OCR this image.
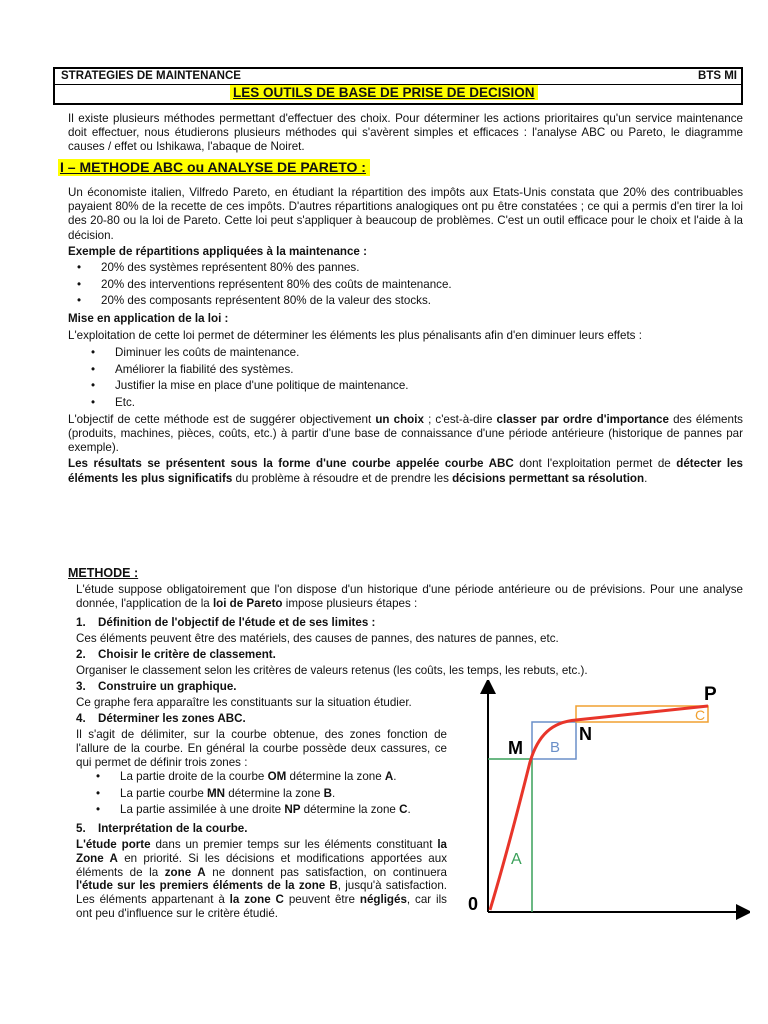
STRATEGIES DE MAINTENANCE	BTS MI
LES OUTILS DE BASE DE PRISE DE DECISION

Il existe plusieurs méthodes permettant d'effectuer des choix. Pour déterminer les actions prioritaires qu'un service maintenance doit effectuer, nous étudierons plusieurs méthodes qui s'avèrent simples et efficaces : l'analyse ABC ou Pareto, le diagramme causes / effet ou Ishikawa, l'abaque de Noiret.

I – METHODE ABC ou ANALYSE DE PARETO :

Un économiste italien, Vilfredo Pareto, en étudiant la répartition des impôts aux Etats-Unis constata que 20% des contribuables payaient 80% de la recette de ces impôts. D'autres répartitions analogiques ont pu être constatées ; ce qui a permis d'en tirer la loi des 20-80 ou la loi de Pareto. Cette loi peut s'appliquer à beaucoup de problèmes. C'est un outil efficace pour le choix et l'aide à la décision.

Exemple de répartitions appliquées à la maintenance :

• 20% des systèmes représentent 80% des pannes.
• 20% des interventions représentent 80% des coûts de maintenance.
• 20% des composants représentent 80% de la valeur des stocks.

Mise en application de la loi :

L'exploitation de cette loi permet de déterminer les éléments les plus pénalisants afin d'en diminuer leurs effets :

• Diminuer les coûts de maintenance.
• Améliorer la fiabilité des systèmes.
• Justifier la mise en place d'une politique de maintenance.
• Etc.

L'objectif de cette méthode est de suggérer objectivement un choix ; c'est-à-dire classer par ordre d'importance des éléments (produits, machines, pièces, coûts, etc.) à partir d'une base de connaissance d'une période antérieure (historique de pannes par exemple).

Les résultats se présentent sous la forme d'une courbe appelée courbe ABC dont l'exploitation permet de détecter les éléments les plus significatifs du problème à résoudre et de prendre les décisions permettant sa résolution.

METHODE :

L'étude suppose obligatoirement que l'on dispose d'un historique d'une période antérieure ou de prévisions. Pour une analyse donnée, l'application de la loi de Pareto impose plusieurs étapes :

1. Définition de l'objectif de l'étude et de ses limites :
Ces éléments peuvent être des matériels, des causes de pannes, des natures de pannes, etc.
2. Choisir le critère de classement.
Organiser le classement selon les critères de valeurs retenus (les coûts, les temps, les rebuts, etc.).
3. Construire un graphique.
Ce graphe fera apparaître les constituants sur la situation étudier.
4. Déterminer les zones ABC.

Il s'agit de délimiter, sur la courbe obtenue, des zones fonction de l'allure de la courbe. En général la courbe possède deux cassures, ce qui permet de définir trois zones :

• La partie droite de la courbe OM détermine la zone A.
• La partie courbe MN détermine la zone B.
• La partie assimilée à une droite NP détermine la zone C.
5. Interprétation de la courbe.

L'étude porte dans un premier temps sur les éléments constituant la Zone A en priorité. Si les décisions et modifications apportées aux éléments de la zone A ne donnent pas satisfaction, on continuera l'étude sur les premiers éléments de la zone B, jusqu'à satisfaction. Les éléments appartenant à la zone C peuvent être négligés, car ils ont peu d'influence sur le critère étudié.

P
M
N
0
A
B
C
